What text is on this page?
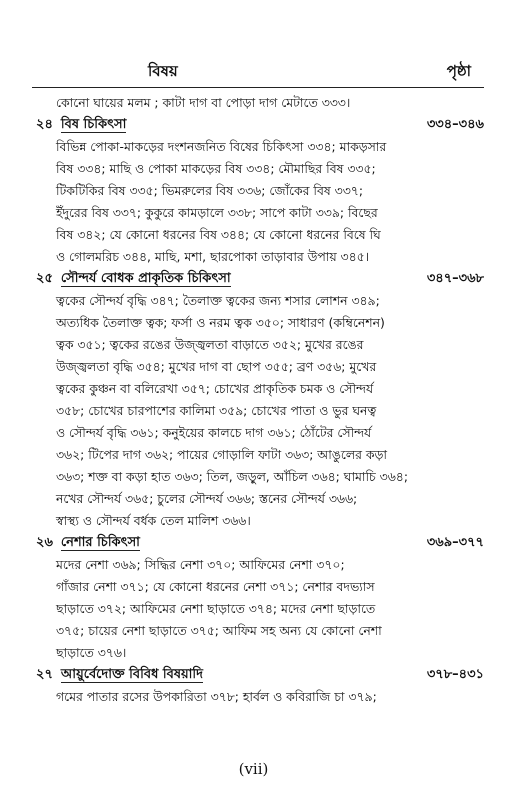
বিষয়	পৃষ্ঠা
কোনো ঘায়ের মলম ; কাটা দাগ বা পোড়া দাগ মেটাতে ৩৩৩।
২৪ বিষ চিকিৎসা	৩৩৪–৩৪৬
বিভিন্ন পোকা-মাকড়ের দংশনজনিত বিষের চিকিৎসা ৩৩৪; মাকড়সার
বিষ ৩৩৪; মাছি ও পোকা মাকড়ের বিষ ৩৩৪; মৌমাছির বিষ ৩৩৫;
টিকটিকির বিষ ৩৩৫; ভিমরুলের বিষ ৩৩৬; জোঁকের বিষ ৩৩৭;
ইঁদুরের বিষ ৩৩৭; কুকুরে কামড়ালে ৩৩৮; সাপে কাটা ৩৩৯; বিছের
বিষ ৩৪২; যে কোনো ধরনের বিষ ৩৪৪; যে কোনো ধরনের বিষে ঘি
ও গোলমরিচ ৩৪৪, মাছি, মশা, ছারপোকা তাড়াবার উপায় ৩৪৫।
২৫ সৌন্দর্য বোধক প্রাকৃতিক চিকিৎসা	৩৪৭–৩৬৮
ত্বকের সৌন্দর্য বৃদ্ধি ৩৪৭; তৈলাক্ত ত্বকের জন্য শসার লোশন ৩৪৯;
অত্যধিক তৈলাক্ত ত্বক; ফর্সা ও নরম ত্বক ৩৫০; সাধারণ (কম্বিনেশন)
ত্বক ৩৫১; ত্বকের রঙের উজ্জ্বলতা বাড়াতে ৩৫২; মুখের রঙের
উজ্জ্বলতা বৃদ্ধি ৩৫৪; মুখের দাগ বা ছোপ ৩৫৫; ব্রণ ৩৫৬; মুখের
ত্বকের কুঞ্চন বা বলিরেখা ৩৫৭; চোখের প্রাকৃতিক চমক ও সৌন্দর্য
৩৫৮; চোখের চারপাশের কালিমা ৩৫৯; চোখের পাতা ও ভুর ঘনত্ব
ও সৌন্দর্য বৃদ্ধি ৩৬১; কনুইয়ের কালচে দাগ ৩৬১; ঠোঁটের সৌন্দর্য
৩৬২; টিপের দাগ ৩৬২; পায়ের গোড়ালি ফাটা ৩৬৩; আঙুলের কড়া
৩৬৩; শক্ত বা কড়া হাত ৩৬৩; তিল, জড়ুল, আঁচিল ৩৬৪; ঘামাচি ৩৬৪;
নখের সৌন্দর্য ৩৬৫; চুলের সৌন্দর্য ৩৬৬; স্তনের সৌন্দর্য ৩৬৬;
স্বাস্থ্য ও সৌন্দর্য বর্ধক তেল মালিশ ৩৬৬।
২৬ নেশার চিকিৎসা	৩৬৯–৩৭৭
মদের নেশা ৩৬৯; সিদ্ধির নেশা ৩৭০; আফিমের নেশা ৩৭০;
গাঁজার নেশা ৩৭১; যে কোনো ধরনের নেশা ৩৭১; নেশার বদভ্যাস
ছাড়াতে ৩৭২; আফিমের নেশা ছাড়াতে ৩৭৪; মদের নেশা ছাড়াতে
৩৭৫; চায়ের নেশা ছাড়াতে ৩৭৫; আফিম সহ অন্য যে কোনো নেশা
ছাড়াতে ৩৭৬।
২৭ আয়ুর্বেদোক্ত বিবিধ বিষয়াদি	৩৭৮–৪৩১
গমের পাতার রসের উপকারিতা ৩৭৮; হার্বল ও কবিরাজি চা ৩৭৯;
(vii)
